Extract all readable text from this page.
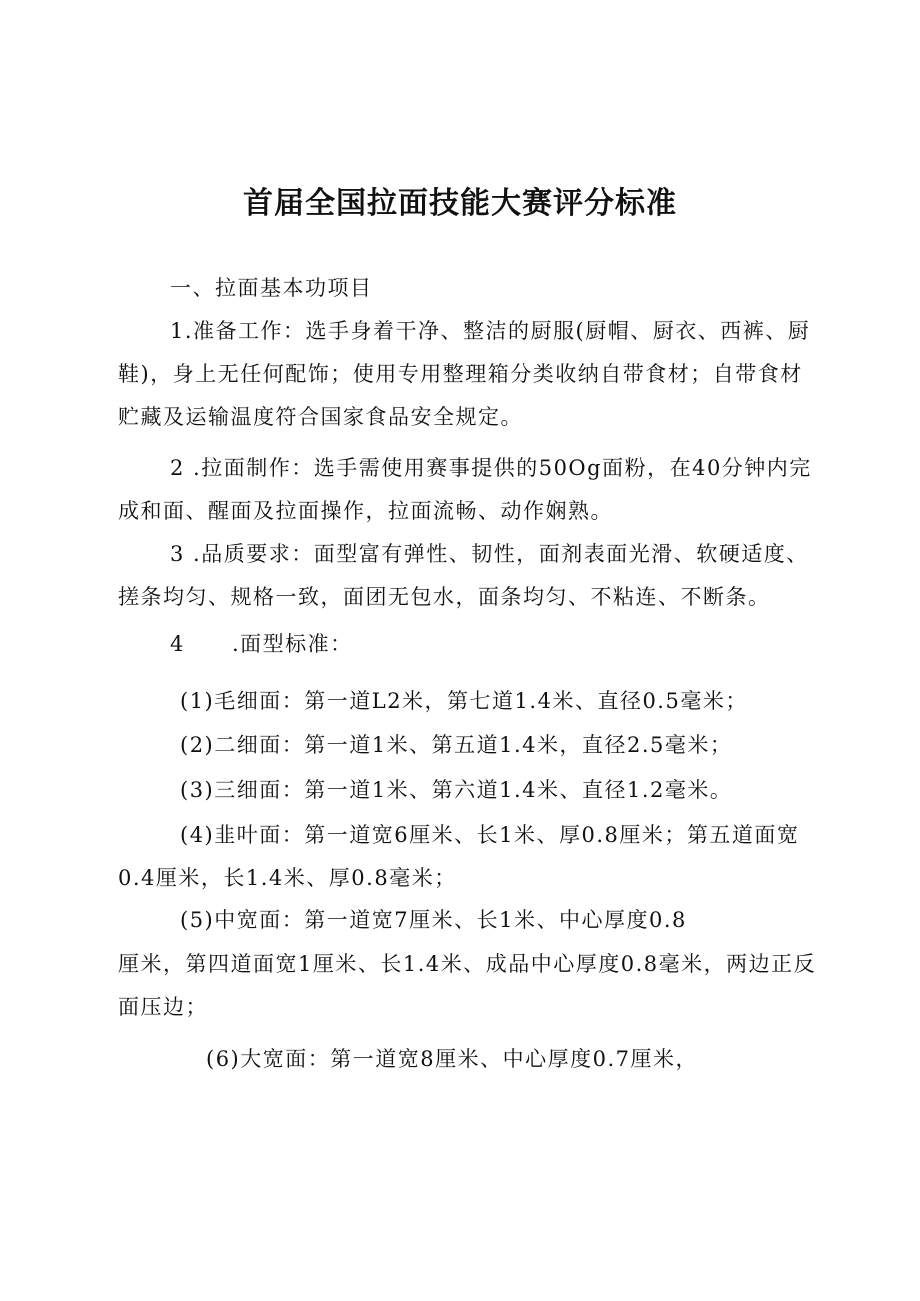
首届全国拉面技能大赛评分标准

一、拉面基本功项目

1.准备工作：选手身着干净、整洁的厨服(厨帽、厨衣、西裤、厨鞋)，身上无任何配饰；使用专用整理箱分类收纳自带食材；自带食材贮藏及运输温度符合国家食品安全规定。

2 .拉面制作：选手需使用赛事提供的50Og面粉，在40分钟内完成和面、醒面及拉面操作，拉面流畅、动作娴熟。

3 .品质要求：面型富有弹性、韧性，面剂表面光滑、软硬适度、搓条均匀、规格一致，面团无包水，面条均匀、不粘连、不断条。

4 .面型标准：

(1)毛细面：第一道L2米，第七道1.4米、直径0.5毫米；

(2)二细面：第一道1米、第五道1.4米，直径2.5毫米；

(3)三细面：第一道1米、第六道1.4米、直径1.2毫米。

(4)韭叶面：第一道宽6厘米、长1米、厚0.8厘米；第五道面宽0.4厘米，长1.4米、厚0.8毫米；

(5)中宽面：第一道宽7厘米、长1米、中心厚度0.8

厘米，第四道面宽1厘米、长1.4米、成品中心厚度0.8毫米，两边正反面压边；

(6)大宽面：第一道宽8厘米、中心厚度0.7厘米，
